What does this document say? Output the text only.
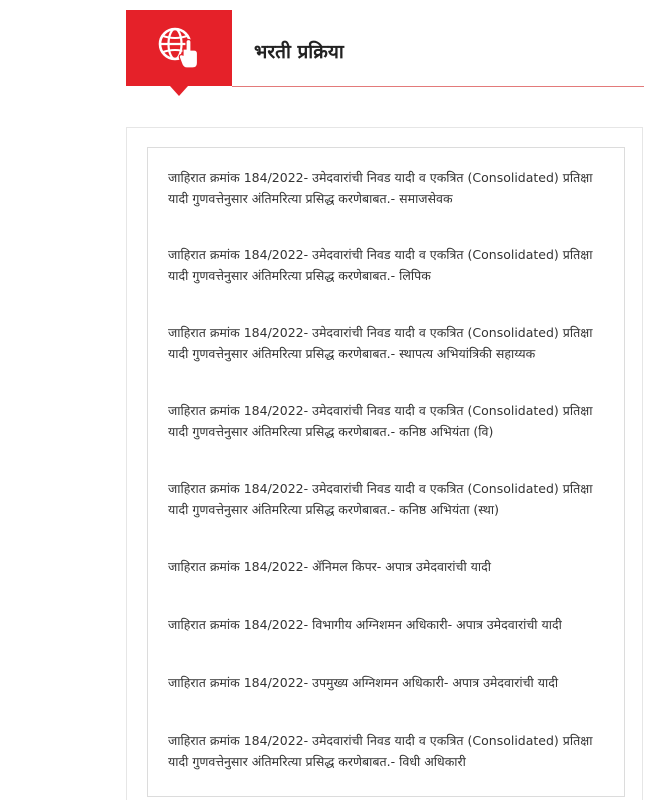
भरती प्रक्रिया
जाहिरात क्रमांक 184/2022- उमेदवारांची निवड यादी व एकत्रित (Consolidated) प्रतिक्षा यादी गुणवत्तेनुसार अंतिमरित्या प्रसिद्ध करणेबाबत.- समाजसेवक
जाहिरात क्रमांक 184/2022- उमेदवारांची निवड यादी व एकत्रित (Consolidated) प्रतिक्षा यादी गुणवत्तेनुसार अंतिमरित्या प्रसिद्ध करणेबाबत.- लिपिक
जाहिरात क्रमांक 184/2022- उमेदवारांची निवड यादी व एकत्रित (Consolidated) प्रतिक्षा यादी गुणवत्तेनुसार अंतिमरित्या प्रसिद्ध करणेबाबत.- स्थापत्य अभियांत्रिकी सहाय्यक
जाहिरात क्रमांक 184/2022- उमेदवारांची निवड यादी व एकत्रित (Consolidated) प्रतिक्षा यादी गुणवत्तेनुसार अंतिमरित्या प्रसिद्ध करणेबाबत.- कनिष्ठ अभियंता (वि)
जाहिरात क्रमांक 184/2022- उमेदवारांची निवड यादी व एकत्रित (Consolidated) प्रतिक्षा यादी गुणवत्तेनुसार अंतिमरित्या प्रसिद्ध करणेबाबत.- कनिष्ठ अभियंता (स्था)
जाहिरात क्रमांक 184/2022- ॲनिमल किपर- अपात्र उमेदवारांची यादी
जाहिरात क्रमांक 184/2022- विभागीय अग्निशमन अधिकारी- अपात्र उमेदवारांची यादी
जाहिरात क्रमांक 184/2022- उपमुख्य अग्निशमन अधिकारी- अपात्र उमेदवारांची यादी
जाहिरात क्रमांक 184/2022- उमेदवारांची निवड यादी व एकत्रित (Consolidated) प्रतिक्षा यादी गुणवत्तेनुसार अंतिमरित्या प्रसिद्ध करणेबाबत.- विधी अधिकारी
